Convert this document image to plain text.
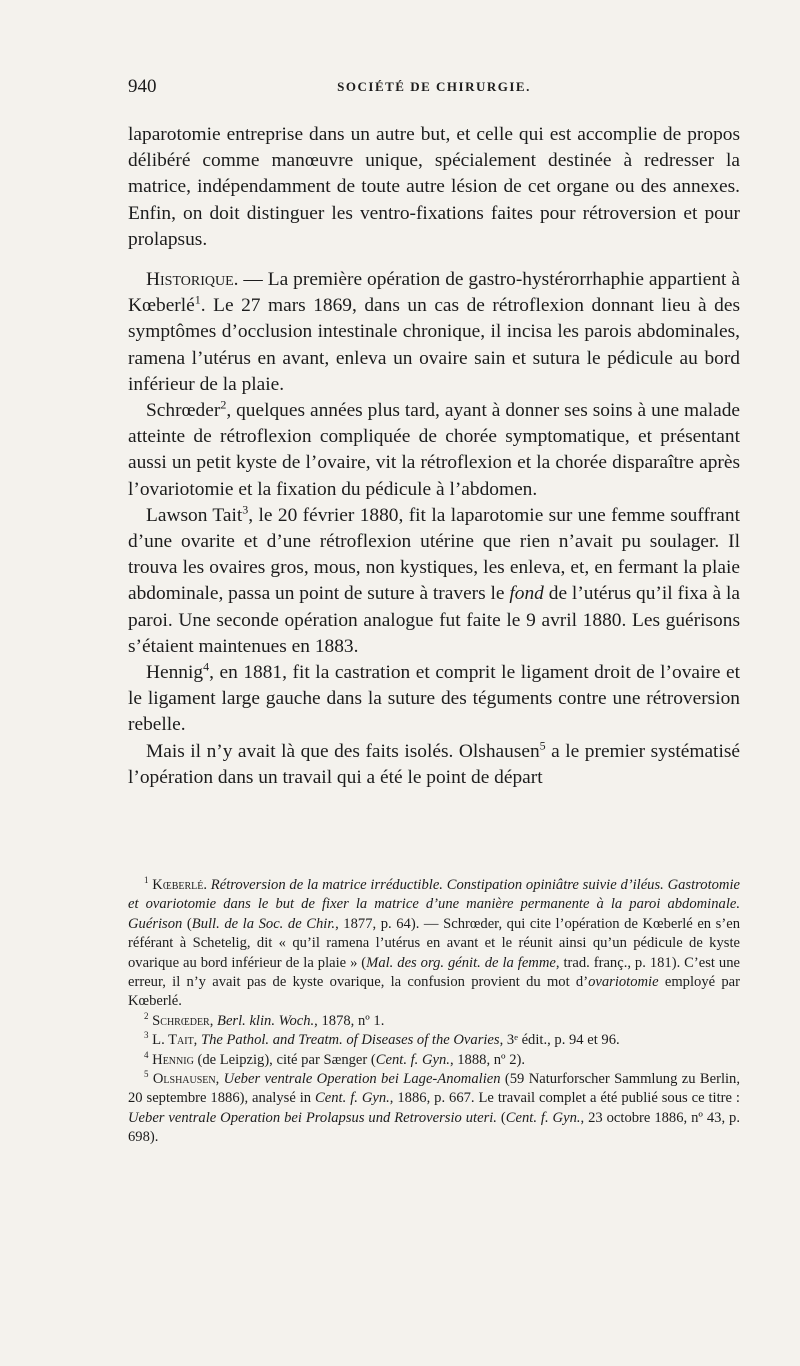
940	SOCIÉTÉ DE CHIRURGIE.

laparotomie entreprise dans un autre but, et celle qui est accomplie de propos délibéré comme manœuvre unique, spécialement destinée à redresser la matrice, indépendamment de toute autre lésion de cet organe ou des annexes. Enfin, on doit distinguer les ventro-fixations faites pour rétroversion et pour prolapsus.

Historique. — La première opération de gastro-hystérorrhaphie appartient à Kœberlé$^1$. Le 27 mars 1869, dans un cas de rétroflexion donnant lieu à des symptômes d’occlusion intestinale chronique, il incisa les parois abdominales, ramena l’utérus en avant, enleva un ovaire sain et sutura le pédicule au bord inférieur de la plaie.

Schrœder$^2$, quelques années plus tard, ayant à donner ses soins à une malade atteinte de rétroflexion compliquée de chorée symptomatique, et présentant aussi un petit kyste de l’ovaire, vit la rétroflexion et la chorée disparaître après l’ovariotomie et la fixation du pédicule à l’abdomen.

Lawson Tait$^3$, le 20 février 1880, fit la laparotomie sur une femme souffrant d’une ovarite et d’une rétroflexion utérine que rien n’avait pu soulager. Il trouva les ovaires gros, mous, non kystiques, les enleva, et, en fermant la plaie abdominale, passa un point de suture à travers le fond de l’utérus qu’il fixa à la paroi. Une seconde opération analogue fut faite le 9 avril 1880. Les guérisons s’étaient maintenues en 1883.

Hennig$^4$, en 1881, fit la castration et comprit le ligament droit de l’ovaire et le ligament large gauche dans la suture des téguments contre une rétroversion rebelle.

Mais il n’y avait là que des faits isolés. Olshausen$^5$ a le premier systématisé l’opération dans un travail qui a été le point de départ

$^1$ Kœberlé. Rétroversion de la matrice irréductible. Constipation opiniâtre suivie d’iléus. Gastrotomie et ovariotomie dans le but de fixer la matrice d’une manière permanente à la paroi abdominale. Guérison (Bull. de la Soc. de Chir., 1877, p. 64). — Schrœder, qui cite l’opération de Kœberlé en s’en référant à Schetelig, dit « qu’il ramena l’utérus en avant et le réunit ainsi qu’un pédicule de kyste ovarique au bord inférieur de la plaie » (Mal. des org. génit. de la femme, trad. franç., p. 181). C’est une erreur, il n’y avait pas de kyste ovarique, la confusion provient du mot d’ovariotomie employé par Kœberlé.

$^2$ Schrœder, Berl. klin. Woch., 1878, nº 1.

$^3$ L. Tait, The Pathol. and Treatm. of Diseases of the Ovaries, 3ᵉ édit., p. 94 et 96.

$^4$ Hennig (de Leipzig), cité par Sænger (Cent. f. Gyn., 1888, nº 2).

$^5$ Olshausen, Ueber ventrale Operation bei Lage-Anomalien (59 Naturforscher Sammlung zu Berlin, 20 septembre 1886), analysé in Cent. f. Gyn., 1886, p. 667. Le travail complet a été publié sous ce titre : Ueber ventrale Operation bei Prolapsus und Retroversio uteri. (Cent. f. Gyn., 23 octobre 1886, nº 43, p. 698).
